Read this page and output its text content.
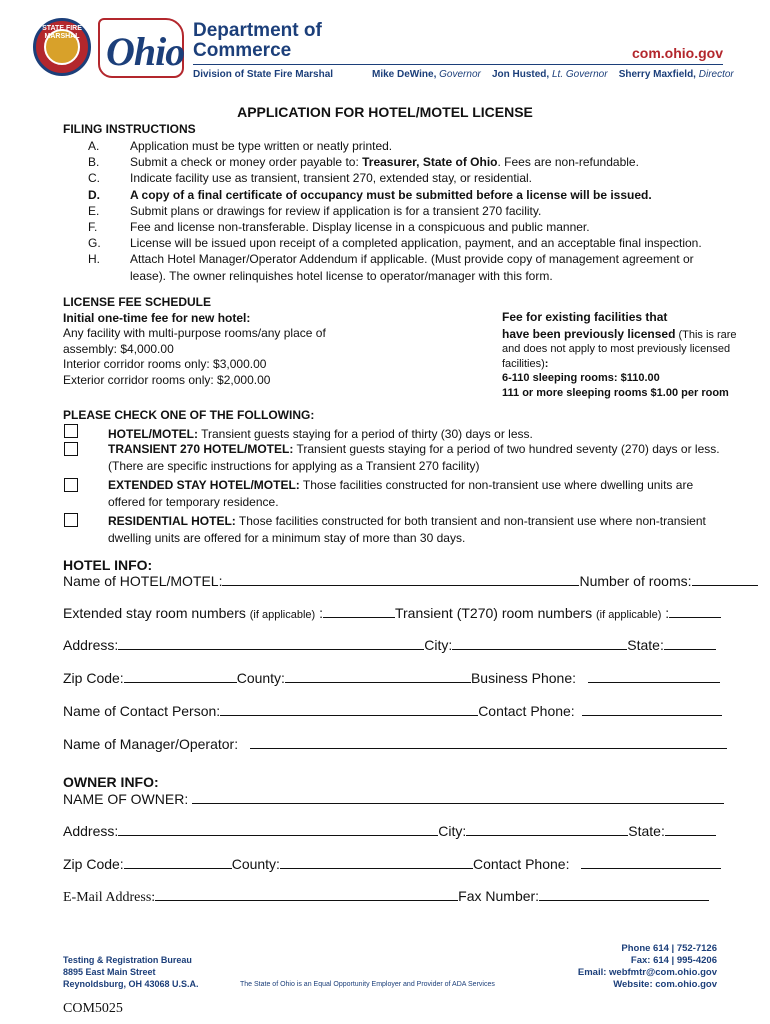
STATE FIRE MARSHAL Ohio Department of
Commerce	com.ohio.gov
Division of State Fire Marshal	Mike DeWine, Governor Jon Husted, Lt. Governor Sherry Maxfield, Director
APPLICATION FOR HOTEL/MOTEL LICENSE
FILING INSTRUCTIONS
A.	Application must be type written or neatly printed.
B.	Submit a check or money order payable to: Treasurer, State of Ohio. Fees are non-refundable.
C.	Indicate facility use as transient, transient 270, extended stay, or residential.
D.	A copy of a final certificate of occupancy must be submitted before a license will be issued.
E.	Submit plans or drawings for review if application is for a transient 270 facility.
F.	Fee and license non-transferable. Display license in a conspicuous and public manner.
G.	License will be issued upon receipt of a completed application, payment, and an acceptable final inspection.
H.	Attach Hotel Manager/Operator Addendum if applicable. (Must provide copy of management agreement or lease). The owner relinquishes hotel license to operator/manager with this form.
LICENSE FEE SCHEDULE
Initial one-time fee for new hotel:
Any facility with multi-purpose rooms/any place of
assembly: $4,000.00
Interior corridor rooms only: $3,000.00
Exterior corridor rooms only: $2,000.00
Fee for existing facilities that
have been previously licensed (This is rare and does not apply to most previously licensed facilities):
6-110 sleeping rooms: $110.00
111 or more sleeping rooms $1.00 per room
PLEASE CHECK ONE OF THE FOLLOWING:
HOTEL/MOTEL: Transient guests staying for a period of thirty (30) days or less.
TRANSIENT 270 HOTEL/MOTEL: Transient guests staying for a period of two hundred seventy (270) days or less. (There are specific instructions for applying as a Transient 270 facility)
EXTENDED STAY HOTEL/MOTEL: Those facilities constructed for non-transient use where dwelling units are offered for temporary residence.
RESIDENTIAL HOTEL: Those facilities constructed for both transient and non-transient use where non-transient dwelling units are offered for a minimum stay of more than 30 days.
HOTEL INFO:
Name of HOTEL/MOTEL:	Number of rooms:
Extended stay room numbers (if applicable) :	Transient (T270) room numbers (if applicable) :
Address:	City:	State:
Zip Code:	County:	Business Phone:
Name of Contact Person:	Contact Phone:
Name of Manager/Operator:
OWNER INFO:
NAME OF OWNER:
Address:	City:	State:
Zip Code:	County:	Contact Phone:
E-Mail Address:	Fax Number:
Testing & Registration Bureau
8895 East Main Street
Reynoldsburg, OH 43068 U.S.A.	The State of Ohio is an Equal Opportunity Employer and Provider of ADA Services
Phone 614 | 752-7126
Fax: 614 | 995-4206
Email: webfmtr@com.ohio.gov
Website: com.ohio.gov
COM5025
